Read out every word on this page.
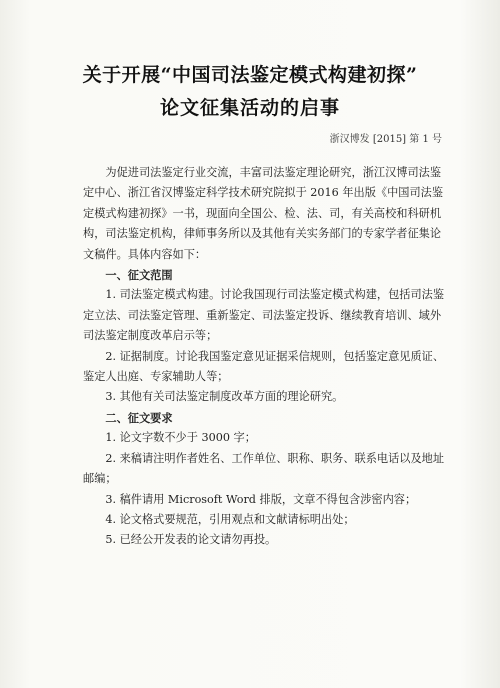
关于开展“中国司法鉴定模式构建初探”
论文征集活动的启事
浙汉博发 [2015] 第 1 号

为促进司法鉴定行业交流，丰富司法鉴定理论研究，浙江汉博司法鉴定中心、浙江省汉博鉴定科学技术研究院拟于 2016 年出版《中国司法鉴定模式构建初探》一书，现面向全国公、检、法、司，有关高校和科研机构，司法鉴定机构，律师事务所以及其他有关实务部门的专家学者征集论文稿件。具体内容如下：

一、征文范围

1. 司法鉴定模式构建。讨论我国现行司法鉴定模式构建，包括司法鉴定立法、司法鉴定管理、重新鉴定、司法鉴定投诉、继续教育培训、域外司法鉴定制度改革启示等；

2. 证据制度。讨论我国鉴定意见证据采信规则，包括鉴定意见质证、鉴定人出庭、专家辅助人等；

3. 其他有关司法鉴定制度改革方面的理论研究。

二、征文要求

1. 论文字数不少于 3000 字；

2. 来稿请注明作者姓名、工作单位、职称、职务、联系电话以及地址邮编；

3. 稿件请用 Microsoft Word 排版，文章不得包含涉密内容；

4. 论文格式要规范，引用观点和文献请标明出处；

5. 已经公开发表的论文请勿再投。
